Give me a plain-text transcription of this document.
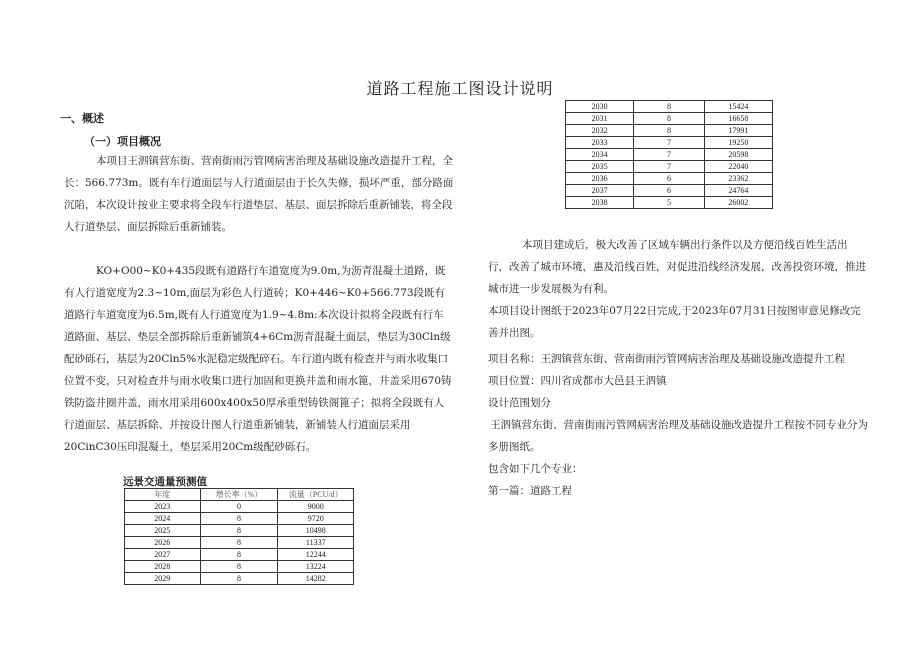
道路工程施工图设计说明
一、概述
（一）项目概况

本项目王泗镇营东街、营南街雨污管网病害治理及基础设施改造提升工程，全长：566.773m。既有车行道面层与人行道面层由于长久失修，损坏严重，部分路面沉陷，本次设计按业主要求将全段车行道垫层、基层、面层拆除后重新铺装，将全段人行道垫层、面层拆除后重新铺装。

KO+O00~K0+435段既有道路行车道宽度为9.0m,为沥青混凝土道路，既有人行道宽度为2.3~10m,面层为彩色人行道砖；K0+446~K0+566.773段既有道路行车道宽度为6.5m,既有人行道宽度为1.9~4.8m:本次设计拟将全段既有行车道路面、基层、垫层全部拆除后重新铺筑4+6Cm沥青混凝土面层，垫层为30Cln级配砂砾石，基层为20Cln5%水泥稳定级配碎石。车行道内既有检查井与雨水收集口位置不变，只对检查井与雨水收集口进行加固和更换井盖和雨水篦，井盖采用670铸铁防盗井圈井盖，雨水用采用600x400x50厚承重型铸铁阁篦子；拟将全段既有人行道面层、基层拆除、并按设计图人行道重新铺装，新铺装人行道面层采用20CinC30压印混凝土，垫层采用20Cm级配砂砾石。

远景交通量预测值
年度	增长率（%）	流量（PCU/d）
2023	0	9000
2024	8	9720
2025	8	10498
2026	8	11337
2027	8	12244
2028	8	13224
2029	8	14282
2030	8	15424
2031	8	16658
2032	8	17991
2033	7	19250
2034	7	20598
2035	7	22040
2036	6	23362
2037	6	24764
2038	5	26002

本项目建成后，极大改善了区域车辆出行条件以及方便沿线百姓生活出行，改善了城市环境，惠及沿线百姓，对促进沿线经济发展，改善投资环境，推进城市进一步发展极为有利。

本项目设计图纸于2023年07月22日完成,于2023年07月31日按图审意见修改完善并出图。

项目名称：王泗镇营东街、营南街雨污管网病害治理及基础设施改造提升工程

项目位置：四川省成都市大邑县王泗镇

设计范围划分

王泗镇营东街、营南街雨污管网病害治理及基础设施改造提升工程按不同专业分为多册图纸。

包含如下几个专业：

第一篇：道路工程
